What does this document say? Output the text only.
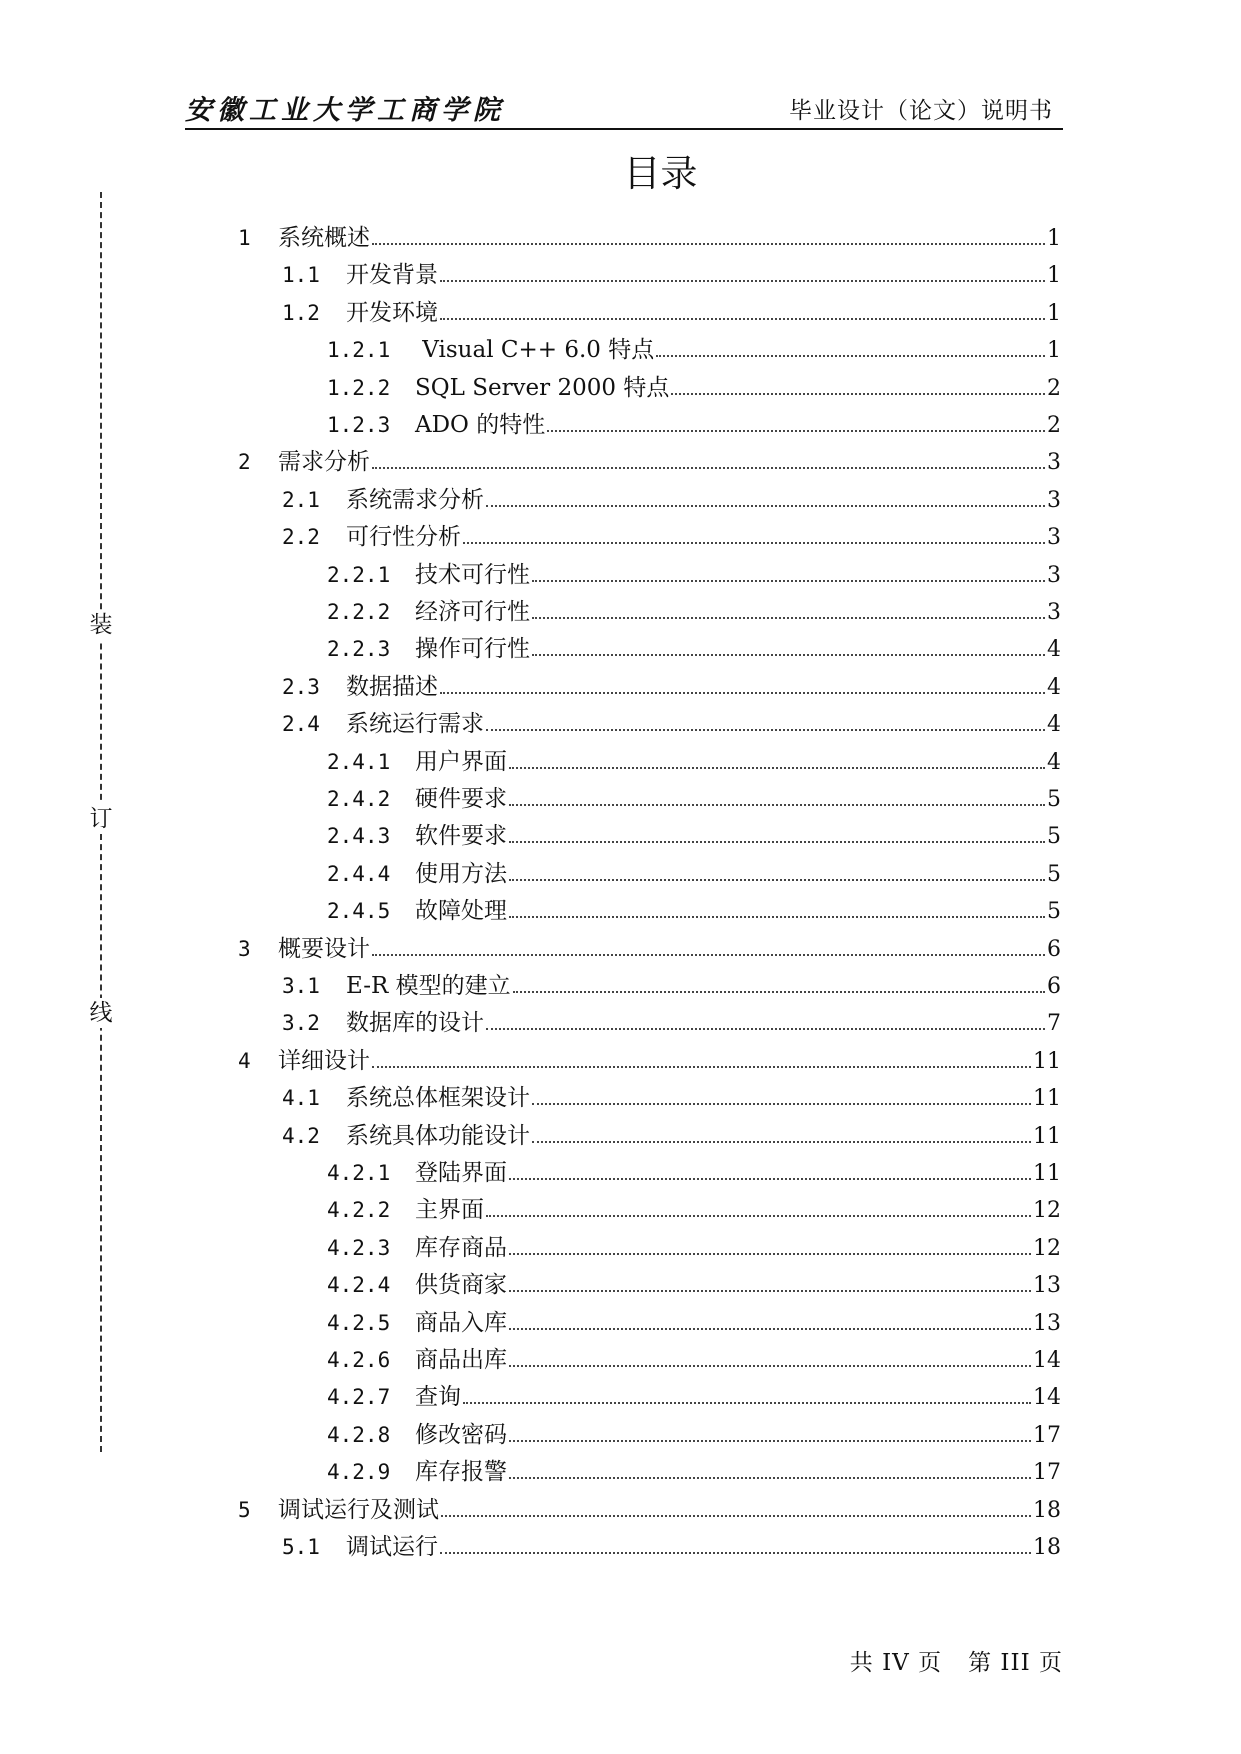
安徽工业大学工商学院	毕业设计（论文）说明书
目录
装
订
线
1	系统概述	1
1.1	开发背景	1
1.2	开发环境	1
1.2.1	Visual C++ 6.0 特点	1
1.2.2	SQL Server 2000 特点	2
1.2.3	ADO 的特性	2
2	需求分析	3
2.1	系统需求分析	3
2.2	可行性分析	3
2.2.1	技术可行性	3
2.2.2	经济可行性	3
2.2.3	操作可行性	4
2.3	数据描述	4
2.4	系统运行需求	4
2.4.1	用户界面	4
2.4.2	硬件要求	5
2.4.3	软件要求	5
2.4.4	使用方法	5
2.4.5	故障处理	5
3	概要设计	6
3.1	E-R 模型的建立	6
3.2	数据库的设计	7
4	详细设计	11
4.1	系统总体框架设计	11
4.2	系统具体功能设计	11
4.2.1	登陆界面	11
4.2.2	主界面	12
4.2.3	库存商品	12
4.2.4	供货商家	13
4.2.5	商品入库	13
4.2.6	商品出库	14
4.2.7	查询	14
4.2.8	修改密码	17
4.2.9	库存报警	17
5	调试运行及测试	18
5.1	调试运行	18
共 IV 页 第 III 页
